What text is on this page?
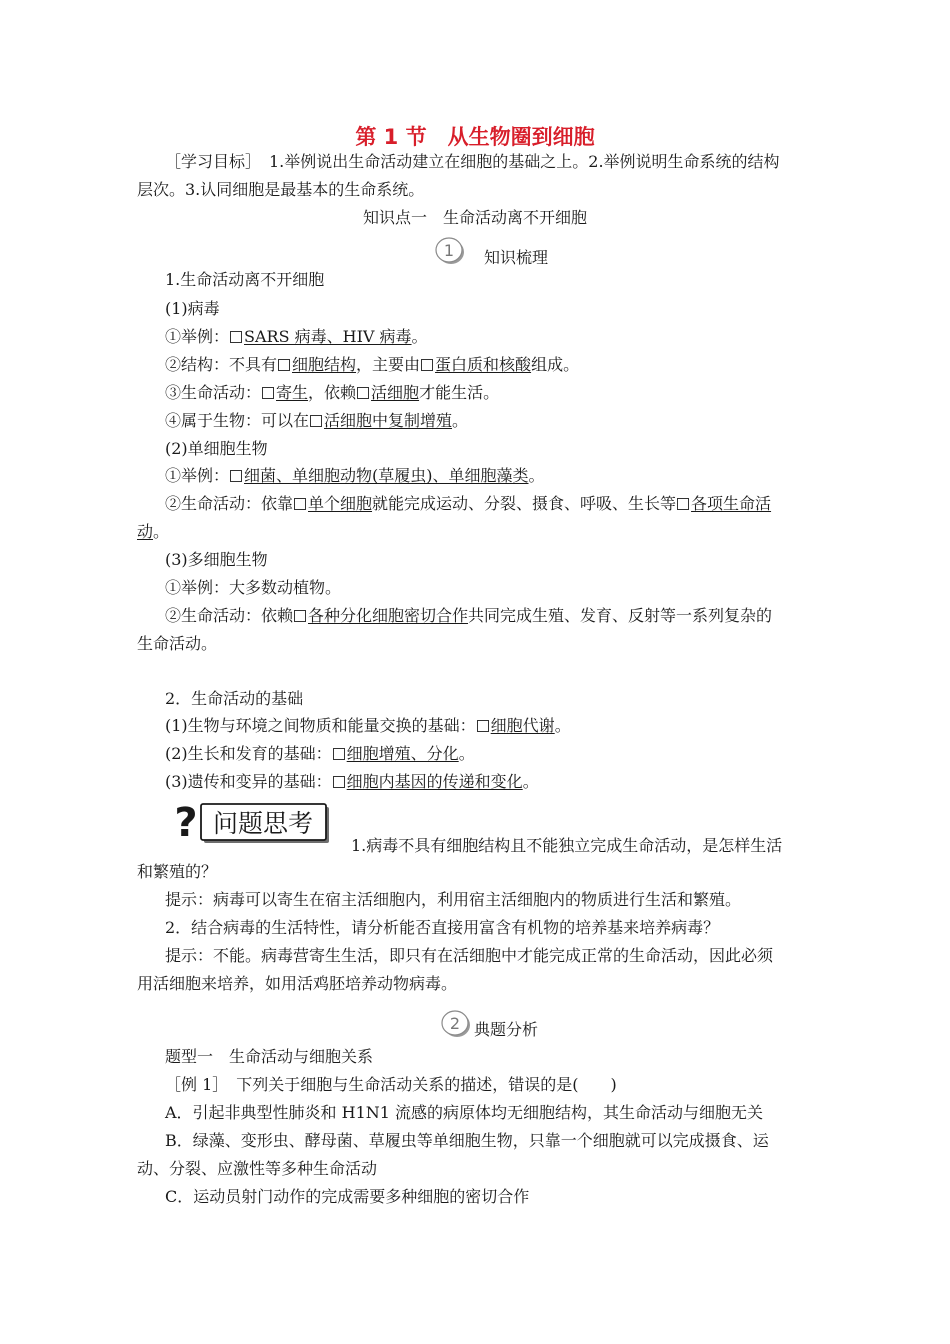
第 1 节　从生物圈到细胞
［学习目标］　1.举例说出生命活动建立在细胞的基础之上。2.举例说明生命系统的结构
层次。3.认同细胞是最基本的生命系统。
知识点一　生命活动离不开细胞
1 知识梳理
1.生命活动离不开细胞
(1)病毒
①举例： SARS 病毒、HIV 病毒。
②结构：不具有 细胞结构，主要由 蛋白质和核酸组成。
③生命活动： 寄生，依赖 活细胞才能生活。
④属于生物：可以在 活细胞中复制增殖。
(2)单细胞生物
①举例： 细菌、单细胞动物(草履虫)、单细胞藻类。
②生命活动：依靠 单个细胞就能完成运动、分裂、摄食、呼吸、生长等 各项生命活
动。
(3)多细胞生物
①举例：大多数动植物。
②生命活动：依赖 各种分化细胞密切合作共同完成生殖、发育、反射等一系列复杂的
生命活动。
2．生命活动的基础
(1)生物与环境之间物质和能量交换的基础： 细胞代谢。
(2)生长和发育的基础： 细胞增殖、分化。
(3)遗传和变异的基础： 细胞内基因的传递和变化。
? 问题思考
1.病毒不具有细胞结构且不能独立完成生命活动，是怎样生活
和繁殖的？
提示：病毒可以寄生在宿主活细胞内，利用宿主活细胞内的物质进行生活和繁殖。
2．结合病毒的生活特性，请分析能否直接用富含有机物的培养基来培养病毒？
提示：不能。病毒营寄生生活，即只有在活细胞中才能完成正常的生命活动，因此必须
用活细胞来培养，如用活鸡胚培养动物病毒。
2 典题分析
题型一　生命活动与细胞关系
［例 1］　下列关于细胞与生命活动关系的描述，错误的是(　　)
A．引起非典型性肺炎和 H1N1 流感的病原体均无细胞结构，其生命活动与细胞无关
B．绿藻、变形虫、酵母菌、草履虫等单细胞生物，只靠一个细胞就可以完成摄食、运
动、分裂、应激性等多种生命活动
C．运动员射门动作的完成需要多种细胞的密切合作
